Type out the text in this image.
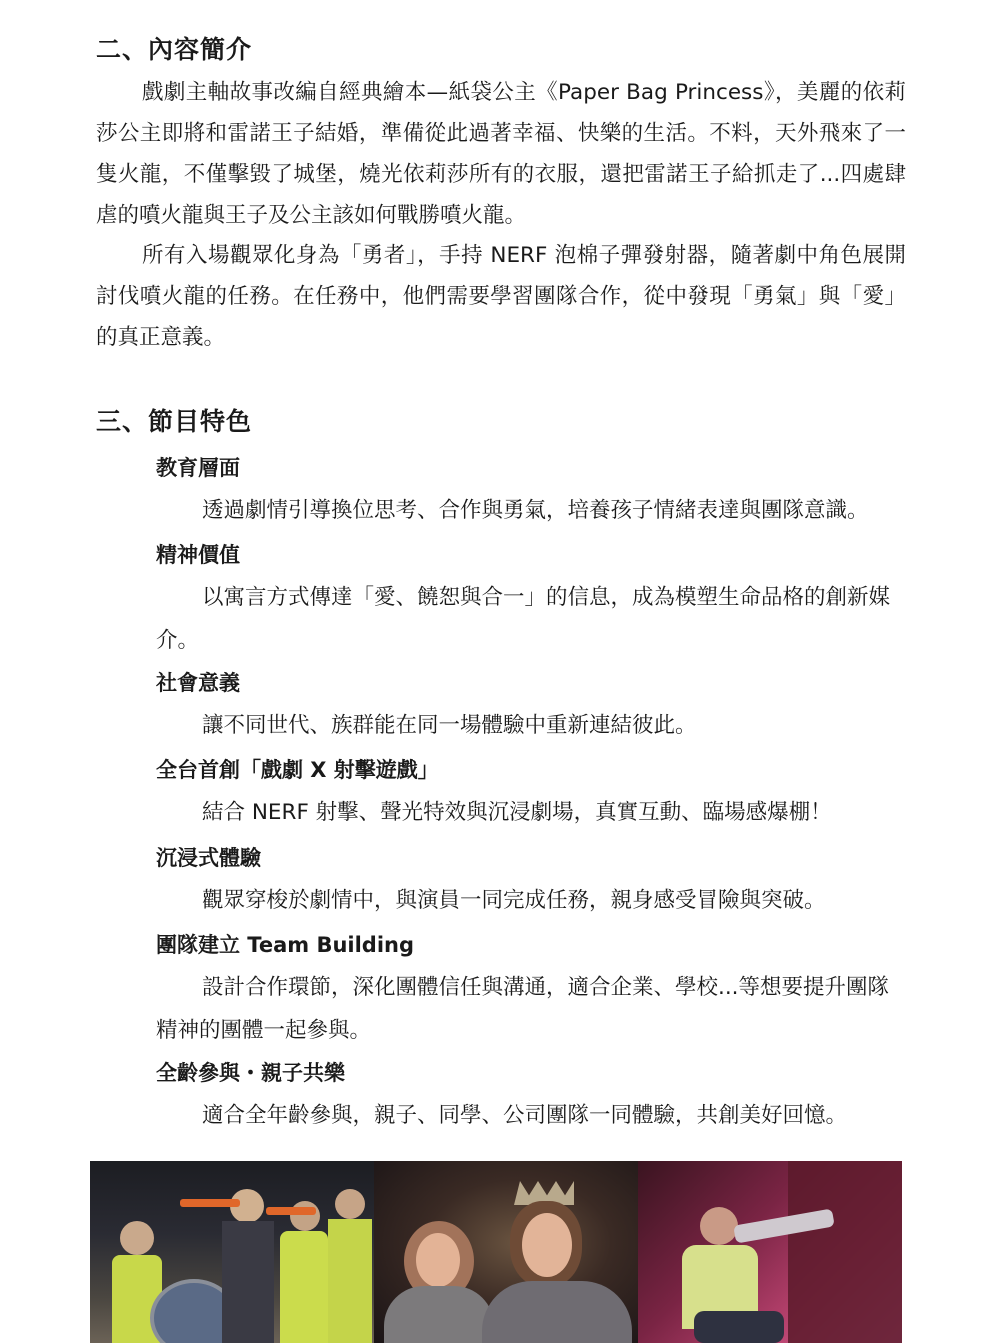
二、內容簡介

戲劇主軸故事改編自經典繪本—紙袋公主《Paper Bag Princess》，美麗的依莉莎公主即將和雷諾王子結婚，準備從此過著幸福、快樂的生活。不料，天外飛來了一隻火龍，不僅擊毀了城堡，燒光依莉莎所有的衣服，還把雷諾王子給抓走了...四處肆虐的噴火龍與王子及公主該如何戰勝噴火龍。

所有入場觀眾化身為「勇者」，手持 NERF 泡棉子彈發射器，隨著劇中角色展開討伐噴火龍的任務。在任務中，他們需要學習團隊合作，從中發現「勇氣」與「愛」的真正意義。

三、節目特色
教育層面

透過劇情引導換位思考、合作與勇氣，培養孩子情緒表達與團隊意識。

精神價值

以寓言方式傳達「愛、饒恕與合一」的信息，成為模塑生命品格的創新媒介。

社會意義

讓不同世代、族群能在同一場體驗中重新連結彼此。

全台首創「戲劇 X 射擊遊戲」

結合 NERF 射擊、聲光特效與沉浸劇場，真實互動、臨場感爆棚！

沉浸式體驗

觀眾穿梭於劇情中，與演員一同完成任務，親身感受冒險與突破。

團隊建立 Team Building

設計合作環節，深化團體信任與溝通，適合企業、學校...等想要提升團隊精神的團體一起參與。

全齡參與・親子共樂

適合全年齡參與，親子、同學、公司團隊一同體驗，共創美好回憶。
